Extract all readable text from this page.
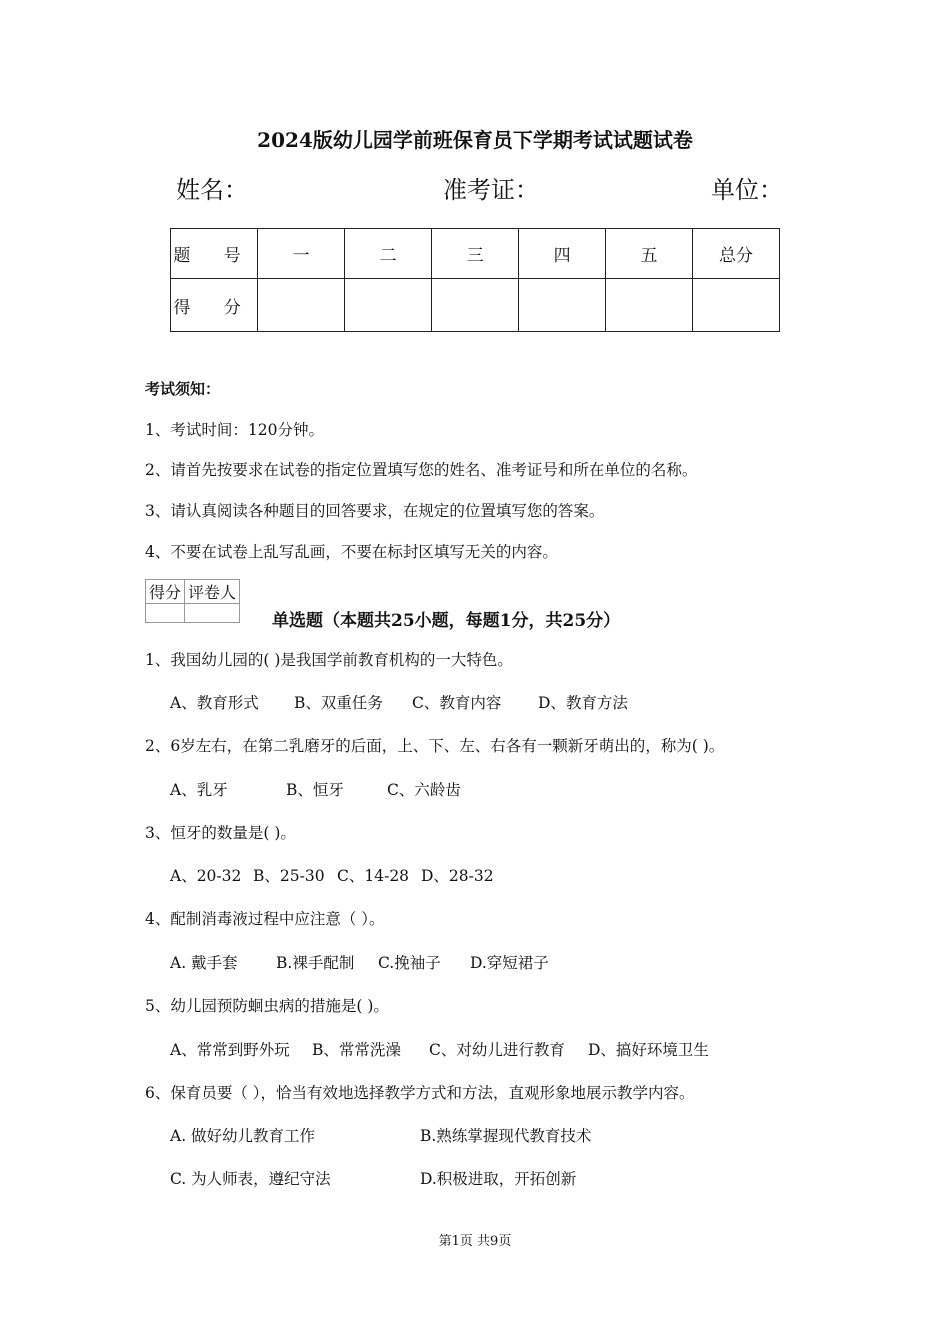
2024版幼儿园学前班保育员下学期考试试题试卷
姓名：	准考证：	单位：
题 号	一	二	三	四	五	总分
得 分						
考试须知：
1、考试时间：120分钟。
2、请首先按要求在试卷的指定位置填写您的姓名、准考证号和所在单位的名称。
3、请认真阅读各种题目的回答要求，在规定的位置填写您的答案。
4、不要在试卷上乱写乱画，不要在标封区填写无关的内容。
得分	评卷人

单选题（本题共25小题，每题1分，共25分）
1、我国幼儿园的( )是我国学前教育机构的一大特色。
A、教育形式 B、双重任务 C、教育内容 D、教育方法
2、6岁左右，在第二乳磨牙的后面，上、下、左、右各有一颗新牙萌出的，称为( )。
A、乳牙	B、恒牙	C、六龄齿
3、恒牙的数量是( )。
A、20-32 B、25-30 C、14-28 D、28-32
4、配制消毒液过程中应注意（ ）。
A. 戴手套 B.裸手配制 C.挽袖子 D.穿短裙子
5、幼儿园预防蛔虫病的措施是( )。
A、常常到野外玩 B、常常洗澡 C、对幼儿进行教育 D、搞好环境卫生
6、保育员要（ ），恰当有效地选择教学方式和方法，直观形象地展示教学内容。
A. 做好幼儿教育工作	B.熟练掌握现代教育技术
C. 为人师表，遵纪守法	D.积极进取，开拓创新
第1页 共9页
